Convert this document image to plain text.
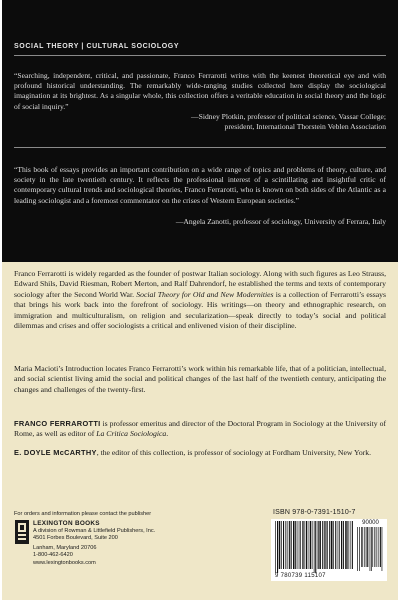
SOCIAL THEORY | CULTURAL SOCIOLOGY
“Searching, independent, critical, and passionate, Franco Ferrarotti writes with the keenest theoretical eye and with profound historical understanding. The remarkably wide-ranging studies collected here display the sociological imagination at its brightest. As a singular whole, this collection offers a veritable education in social theory and the logic of social inquiry.”
—Sidney Plotkin, professor of political science, Vassar College;
president, International Thorstein Veblen Association
“This book of essays provides an important contribution on a wide range of topics and problems of theory, culture, and society in the late twentieth century. It reflects the professional interest of a scintillating and insightful critic of contemporary cultural trends and sociological theories, Franco Ferrarotti, who is known on both sides of the Atlantic as a leading sociologist and a foremost commentator on the crises of Western European societies.”
—Angela Zanotti, professor of sociology, University of Ferrara, Italy
Franco Ferrarotti is widely regarded as the founder of postwar Italian sociology. Along with such figures as Leo Strauss, Edward Shils, David Riesman, Robert Merton, and Ralf Dahrendorf, he established the terms and texts of contemporary sociology after the Second World War. Social Theory for Old and New Modernities is a collection of Ferrarotti’s essays that brings his work back into the forefront of sociology. His writings—on theory and ethnographic research, on immigration and multiculturalism, on religion and secularization—speak directly to today’s social and political dilemmas and crises and offer sociologists a critical and enlivened vision of their discipline.
Maria Macioti’s Introduction locates Franco Ferrarotti’s work within his remarkable life, that of a politician, intellectual, and social scientist living amid the social and political changes of the last half of the twentieth century, anticipating the changes and challenges of the twenty-first.
FRANCO FERRAROTTI is professor emeritus and director of the Doctoral Program in Sociology at the University of Rome, as well as editor of La Critica Sociologica.
E. DOYLE McCARTHY, the editor of this collection, is professor of sociology at Fordham University, New York.
For orders and information please contact the publisher
LEXINGTON BOOKS
A division of Rowman & Littlefield Publishers, Inc.
4501 Forbes Boulevard, Suite 200
Lanham, Maryland 20706
1-800-462-6420
www.lexingtonbooks.com
ISBN 978-0-7391-1510-7
90000
9 780739 115107
